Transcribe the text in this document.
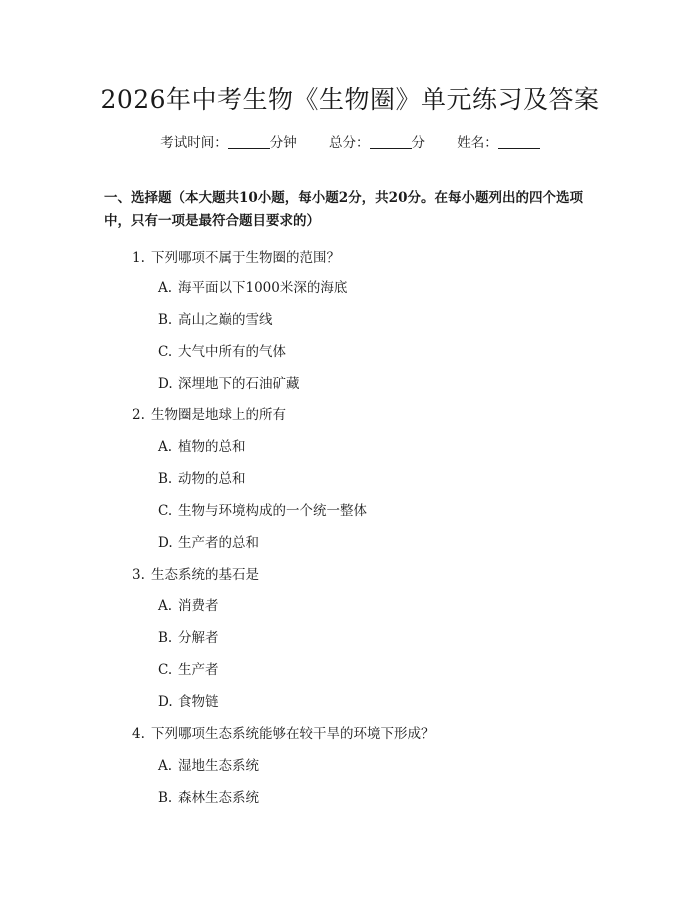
2026年中考生物《生物圈》单元练习及答案
考试时间：	分钟 总分：	分 姓名：
一、选择题（本大题共10小题，每小题2分，共20分。在每小题列出的四个选项中，只有一项是最符合题目要求的）
1. 下列哪项不属于生物圈的范围？
A. 海平面以下1000米深的海底
B. 高山之巅的雪线
C. 大气中所有的气体
D. 深埋地下的石油矿藏
2. 生物圈是地球上的所有
A. 植物的总和
B. 动物的总和
C. 生物与环境构成的一个统一整体
D. 生产者的总和
3. 生态系统的基石是
A. 消费者
B. 分解者
C. 生产者
D. 食物链
4. 下列哪项生态系统能够在较干旱的环境下形成？
A. 湿地生态系统
B. 森林生态系统
